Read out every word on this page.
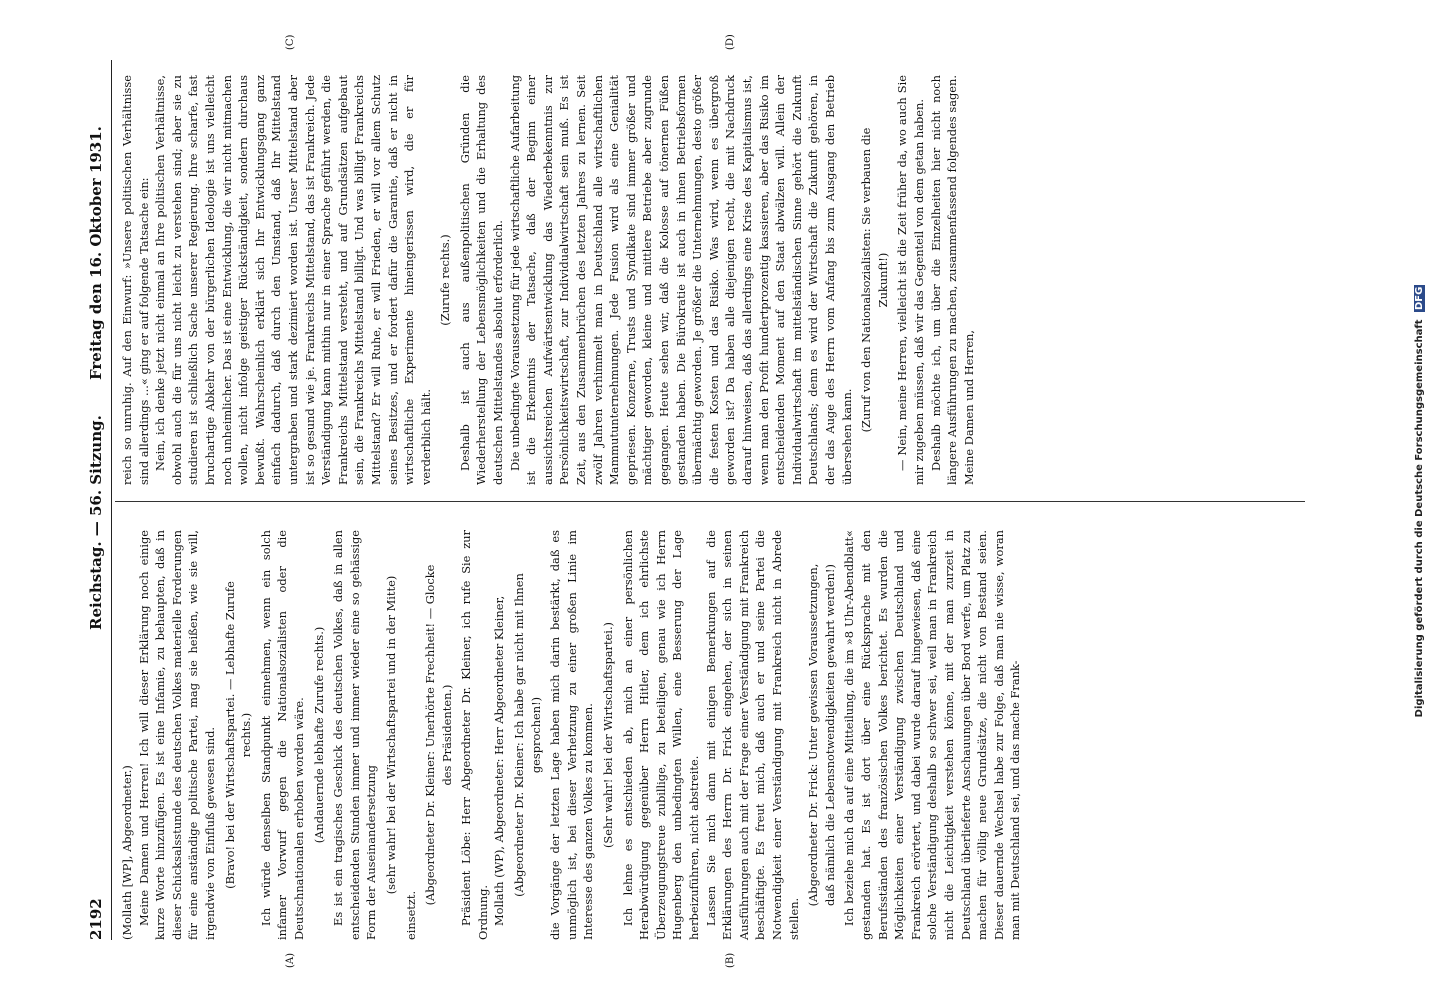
2192
Reichstag. — 56. Sitzung.
Freitag den 16. Oktober 1931.

(Mollath [WP], Abgeordneter.) Meine Damen und Herren! Ich will dieser Erklärung noch einige kurze Worte hinzufügen. Es ist eine Infamie, zu behaupten, daß in dieser Schicksalsstunde des deutschen Volkes materielle Forderungen für eine anständige politische Partei, mag sie heißen, wie sie will, irgendwie von Einfluß gewesen sind. (Bravo! bei der Wirtschaftspartei. — Lebhafte Zurufe rechts.) Ich würde denselben Standpunkt einnehmen, wenn ein solch infamer Vorwurf gegen die Nationalsozialisten oder die Deutschnationalen erhoben worden wäre. (Andauernde lebhafte Zurufe rechts.) Es ist ein tragisches Geschick des deutschen Volkes, daß in allen entscheidenden Stunden immer und immer wieder eine so gehässige Form der Auseinandersetzung (sehr wahr! bei der Wirtschaftspartei und in der Mitte)

einsetzt.

(Abgeordneter Dr. Kleiner: Unerhörte Frechheit! — Glocke des Präsidenten.) Präsident Löbe: Herr Abgeordneter Dr. Kleiner, ich rufe Sie zur Ordnung. Mollath (WP), Abgeordneter: Herr Abgeordneter Kleiner, (Abgeordneter Dr. Kleiner: Ich habe gar nicht mit Ihnen gesprochen!) die Vorgänge der letzten Lage haben mich darin bestärkt, daß es unmöglich ist, bei dieser Verhetzung zu einer großen Linie im Interesse des ganzen Volkes zu kommen. (Sehr wahr! bei der Wirtschaftspartei.) Ich lehne es entschieden ab, mich an einer persönlichen Herabwürdigung gegenüber Herrn Hitler, dem ich ehrlichste Überzeugungstreue zubillige, zu beteiligen, genau wie ich Herrn Hugenberg den unbedingten Willen, eine Besserung der Lage herbeizuführen, nicht abstreite. Lassen Sie mich dann mit einigen Bemerkungen auf die Erklärungen des Herrn Dr. Frick eingehen, der sich in seinen Ausführungen auch mit der Frage einer Verständigung mit Frankreich beschäftigte. Es freut mich, daß auch er und seine Partei die Notwendigkeit einer Verständigung mit Frankreich nicht in Abrede stellen.

(Abgeordneter Dr. Frick: Unter gewissen Voraussetzungen, daß nämlich die Lebensnotwendigkeiten gewahrt werden!) Ich beziehe mich da auf eine Mitteilung, die im »8 Uhr-Abendblatt« gestanden hat. Es ist dort über eine Rücksprache mit den Berufsständen des französischen Volkes berichtet. Es wurden die Möglichkeiten einer Verständigung zwischen Deutschland und Frankreich erörtert, und dabei wurde darauf hingewiesen, daß eine solche Verständigung deshalb so schwer sei, weil man in Frankreich nicht die Leichtigkeit verstehen könne, mit der man zurzeit in Deutschland überlieferte Anschauungen über Bord werfe, um Platz zu machen für völlig neue Grundsätze, die nicht von Bestand seien. Dieser dauernde Wechsel habe zur Folge, daß man nie wisse, woran man mit Deutschland sei, und das mache Frank-

reich so unruhig. Auf den Einwurf: »Unsere politischen Verhältnisse sind allerdings ...« ging er auf folgende Tatsache ein: Nein, ich denke jetzt nicht einmal an Ihre politischen Verhältnisse, obwohl auch die für uns nicht leicht zu verstehen sind; aber sie zu studieren ist schließlich Sache unserer Regierung. Ihre scharfe, fast bruchartige Abkehr von der bürgerlichen Ideologie ist uns vielleicht noch unheimlicher. Das ist eine Entwicklung, die wir nicht mitmachen wollen, nicht infolge geistiger Rückständigkeit, sondern durchaus bewußt. Wahrscheinlich erklärt sich Ihr Entwicklungsgang ganz einfach dadurch, daß durch den Umstand, daß Ihr Mittelstand untergraben und stark dezimiert worden ist. Unser Mittelstand aber ist so gesund wie je. Frankreichs Mittelstand, das ist Frankreich. Jede Verständigung kann mithin nur in einer Sprache geführt werden, die Frankreichs Mittelstand versteht, und auf Grundsätzen aufgebaut sein, die Frankreichs Mittelstand billigt. Und was billigt Frankreichs Mittelstand? Er will Ruhe, er will Frieden, er will vor allem Schutz seines Besitzes, und er fordert dafür die Garantie, daß er nicht in wirtschaftliche Experimente hineingerissen wird, die er für verderblich hält.

(Zurufe rechts.) Deshalb ist auch aus außenpolitischen Gründen die Wiederherstellung der Lebensmöglichkeiten und die Erhaltung des deutschen Mittelstandes absolut erforderlich. Die unbedingte Voraussetzung für jede wirtschaftliche Aufarbeitung ist die Erkenntnis der Tatsache, daß der Beginn einer aussichtsreichen Aufwärtsentwicklung das Wiederbekenntnis zur Persönlichkeitswirtschaft, zur Individualwirtschaft sein muß. Es ist Zeit, aus den Zusammenbrüchen des letzten Jahres zu lernen. Seit zwölf Jahren verhimmelt man in Deutschland alle wirtschaftlichen Mammutunternehmungen. Jede Fusion wird als eine Genialität gepriesen. Konzerne, Trusts und Syndikate sind immer größer und mächtiger geworden, kleine und mittlere Betriebe aber zugrunde gegangen. Heute sehen wir, daß die Kolosse auf tönernen Füßen gestanden haben. Die Bürokratie ist auch in ihnen Betriebsformen übermächtig geworden. Je größer die Unternehmungen, desto größer die festen Kosten und das Risiko. Was wird, wenn es übergroß geworden ist? Da haben alle diejenigen recht, die mit Nachdruck darauf hinweisen, daß das allerdings eine Krise des Kapitalismus ist, wenn man den Profit hundertprozentig kassieren, aber das Risiko im entscheidenden Moment auf den Staat abwälzen will. Allein der Individualwirtschaft im mittelständischen Sinne gehört die Zukunft Deutschlands; denn es wird der Wirtschaft die Zukunft gehören, in der das Auge des Herrn vom Anfang bis zum Ausgang den Betrieb übersehen kann.

(Zuruf von den Nationalsozialisten: Sie verbauen die Zukunft!) — Nein, meine Herren, vielleicht ist die Zeit früher da, wo auch Sie mir zugeben müssen, daß wir das Gegenteil von dem getan haben. Deshalb möchte ich, um über die Einzelheiten hier nicht noch längere Ausführungen zu machen, zusammenfassend folgendes sagen. Meine Damen und Herren,

(A)	(B)
(C)	(D)
Digitalisierung gefördert durch die Deutsche Forschungsgemeinschaft DFG
